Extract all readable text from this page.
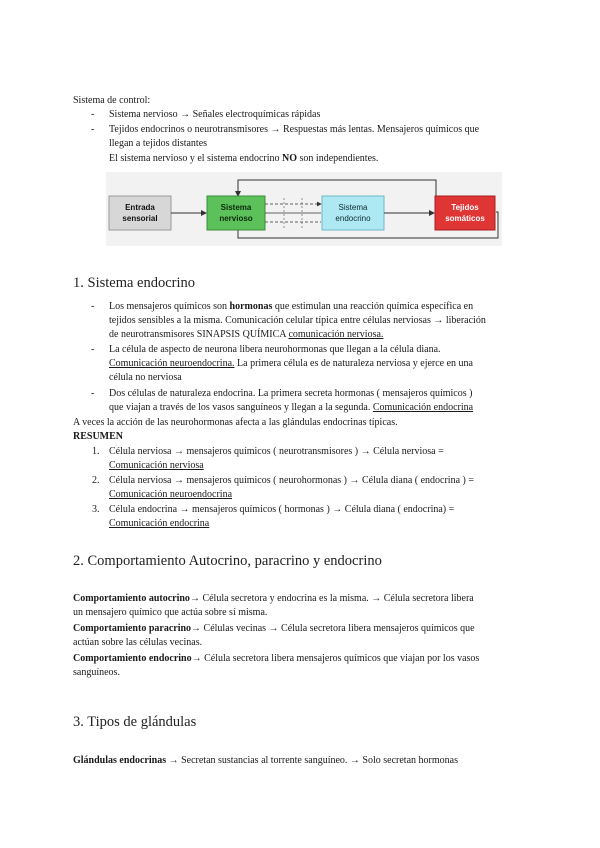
Sistema de control:
- Sistema nervioso → Señales electroquímicas rápidas
- Tejidos endocrinos o neurotransmisores → Respuestas más lentas. Mensajeros químicos que
llegan a tejidos distantes
El sistema nervioso y el sistema endocrino NO son independientes.
Entrada
sensorial
Sistema
nervioso
Sistema
endocrino
Tejidos
somáticos
1. Sistema endocrino
- Los mensajeros químicos son hormonas que estimulan una reacción química específica en
tejidos sensibles a la misma. Comunicación celular típica entre células nerviosas → liberación
de neurotransmisores SINAPSIS QUÍMICA comunicación nerviosa.
- La célula de aspecto de neurona libera neurohormonas que llegan a la célula diana.
Comunicación neuroendocrina. La primera célula es de naturaleza nerviosa y ejerce en una
célula no nerviosa
- Dos células de naturaleza endocrina. La primera secreta hormonas ( mensajeros químicos )
que viajan a través de los vasos sanguíneos y llegan a la segunda. Comunicación endocrina
A veces la acción de las neurohormonas afecta a las glándulas endocrinas típicas.
RESUMEN
1. Célula nerviosa → mensajeros químicos ( neurotransmisores ) → Célula nerviosa =
Comunicación nerviosa
2. Célula nerviosa → mensajeros químicos ( neurohormonas ) → Célula diana ( endocrina ) =
Comunicación neuroendocrina
3. Célula endocrina → mensajeros químicos ( hormonas ) → Célula diana ( endocrina) =
Comunicación endocrina
2. Comportamiento Autocrino, paracrino y endocrino
Comportamiento autocrino→ Célula secretora y endocrina es la misma. → Célula secretora libera
un mensajero químico que actúa sobre sí misma.
Comportamiento paracrino→ Células vecinas → Célula secretora libera mensajeros químicos que
actúan sobre las células vecinas.
Comportamiento endocrino→ Célula secretora libera mensajeros químicos que viajan por los vasos
sanguíneos.
3. Tipos de glándulas
Glándulas endocrinas → Secretan sustancias al torrente sanguíneo. → Solo secretan hormonas
